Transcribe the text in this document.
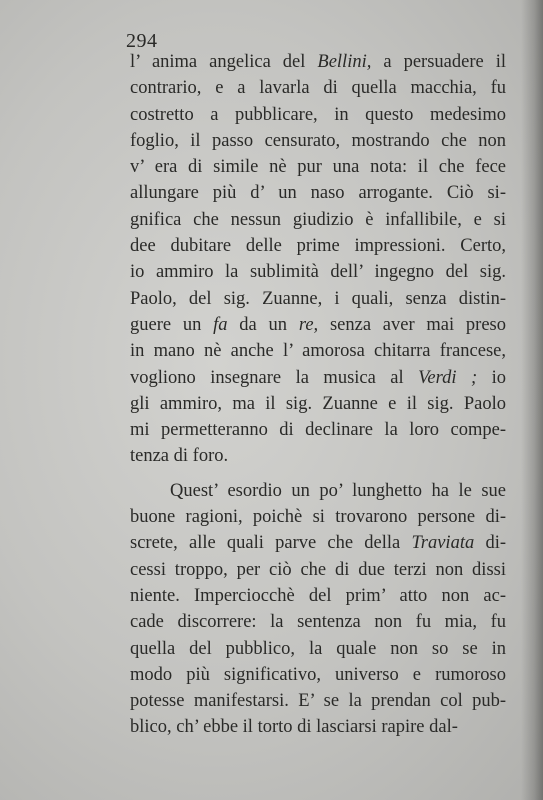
294
l’ anima angelica del Bellini, a persuadere il
contrario, e a lavarla di quella macchia, fu
costretto a pubblicare, in questo medesimo
foglio, il passo censurato, mostrando che non
v’ era di simile nè pur una nota: il che fece
allungare più d’ un naso arrogante. Ciò si-
gnifica che nessun giudizio è infallibile, e si
dee dubitare delle prime impressioni. Certo,
io ammiro la sublimità dell’ ingegno del sig.
Paolo, del sig. Zuanne, i quali, senza distin-
guere un fa da un re, senza aver mai preso
in mano nè anche l’ amorosa chitarra francese,
vogliono insegnare la musica al Verdi ; io
gli ammiro, ma il sig. Zuanne e il sig. Paolo
mi permetteranno di declinare la loro compe-
tenza di foro.
Quest’ esordio un po’ lunghetto ha le sue
buone ragioni, poichè si trovarono persone di-
screte, alle quali parve che della Traviata di-
cessi troppo, per ciò che di due terzi non dissi
niente. Imperciocchè del prim’ atto non ac-
cade discorrere: la sentenza non fu mia, fu
quella del pubblico, la quale non so se in
modo più significativo, universo e rumoroso
potesse manifestarsi. E’ se la prendan col pub-
blico, ch’ ebbe il torto di lasciarsi rapire dal-
